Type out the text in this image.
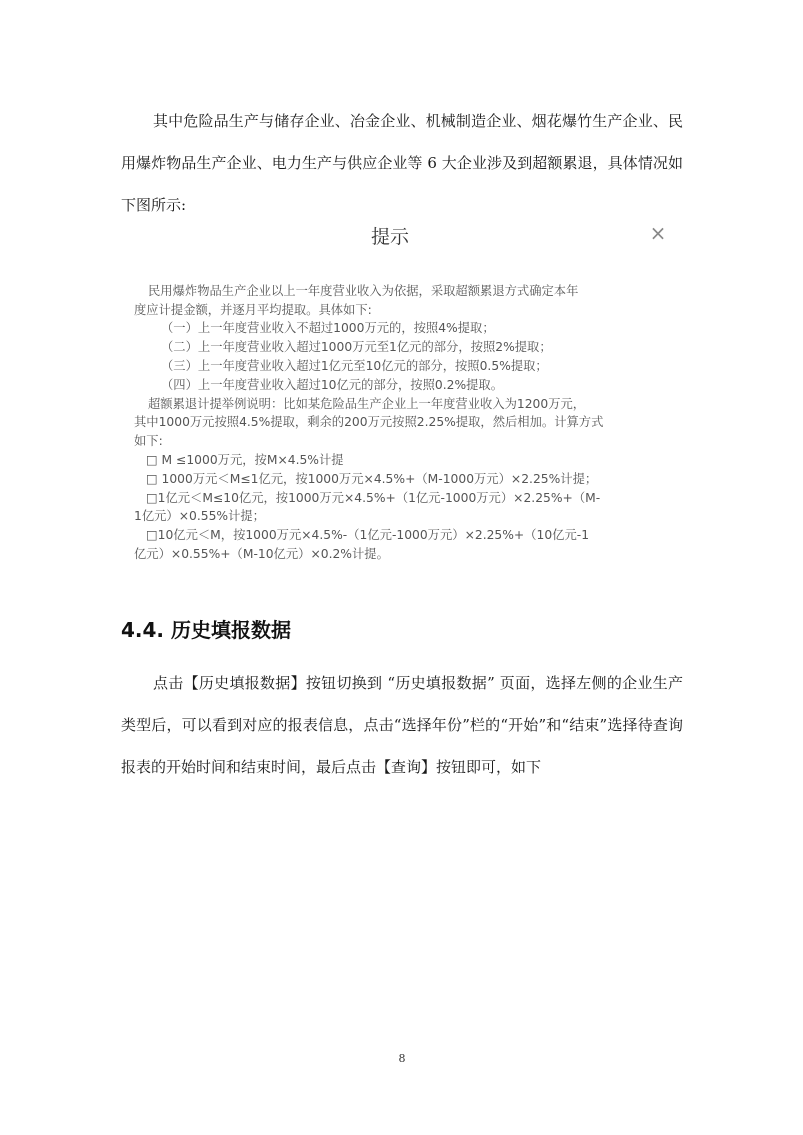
其中危险品生产与储存企业、冶金企业、机械制造企业、烟花爆竹生产企业、民用爆炸物品生产企业、电力生产与供应企业等 6 大企业涉及到超额累退，具体情况如下图所示:

提示	×

民用爆炸物品生产企业以上一年度营业收入为依据，采取超额累退方式确定本年

度应计提金额，并逐月平均提取。具体如下:

（一）上一年度营业收入不超过1000万元的，按照4%提取；

（二）上一年度营业收入超过1000万元至1亿元的部分，按照2%提取；

（三）上一年度营业收入超过1亿元至10亿元的部分，按照0.5%提取；

（四）上一年度营业收入超过10亿元的部分，按照0.2%提取。

超额累退计提举例说明：比如某危险品生产企业上一年度营业收入为1200万元，

其中1000万元按照4.5%提取，剩余的200万元按照2.25%提取，然后相加。计算方式

如下:

□ M ≤1000万元，按M×4.5%计提

□ 1000万元＜M≤1亿元，按1000万元×4.5%+（M-1000万元）×2.25%计提；

□1亿元＜M≤10亿元，按1000万元×4.5%+（1亿元-1000万元）×2.25%+（M-

1亿元）×0.55%计提；

□10亿元＜M，按1000万元×4.5%-（1亿元-1000万元）×2.25%+（10亿元-1

亿元）×0.55%+（M-10亿元）×0.2%计提。

4.4. 历史填报数据

点击【历史填报数据】按钮切换到 “历史填报数据” 页面，选择左侧的企业生产类型后，可以看到对应的报表信息，点击“选择年份”栏的“开始”和“结束”选择待查询报表的开始时间和结束时间，最后点击【查询】按钮即可，如下

8
